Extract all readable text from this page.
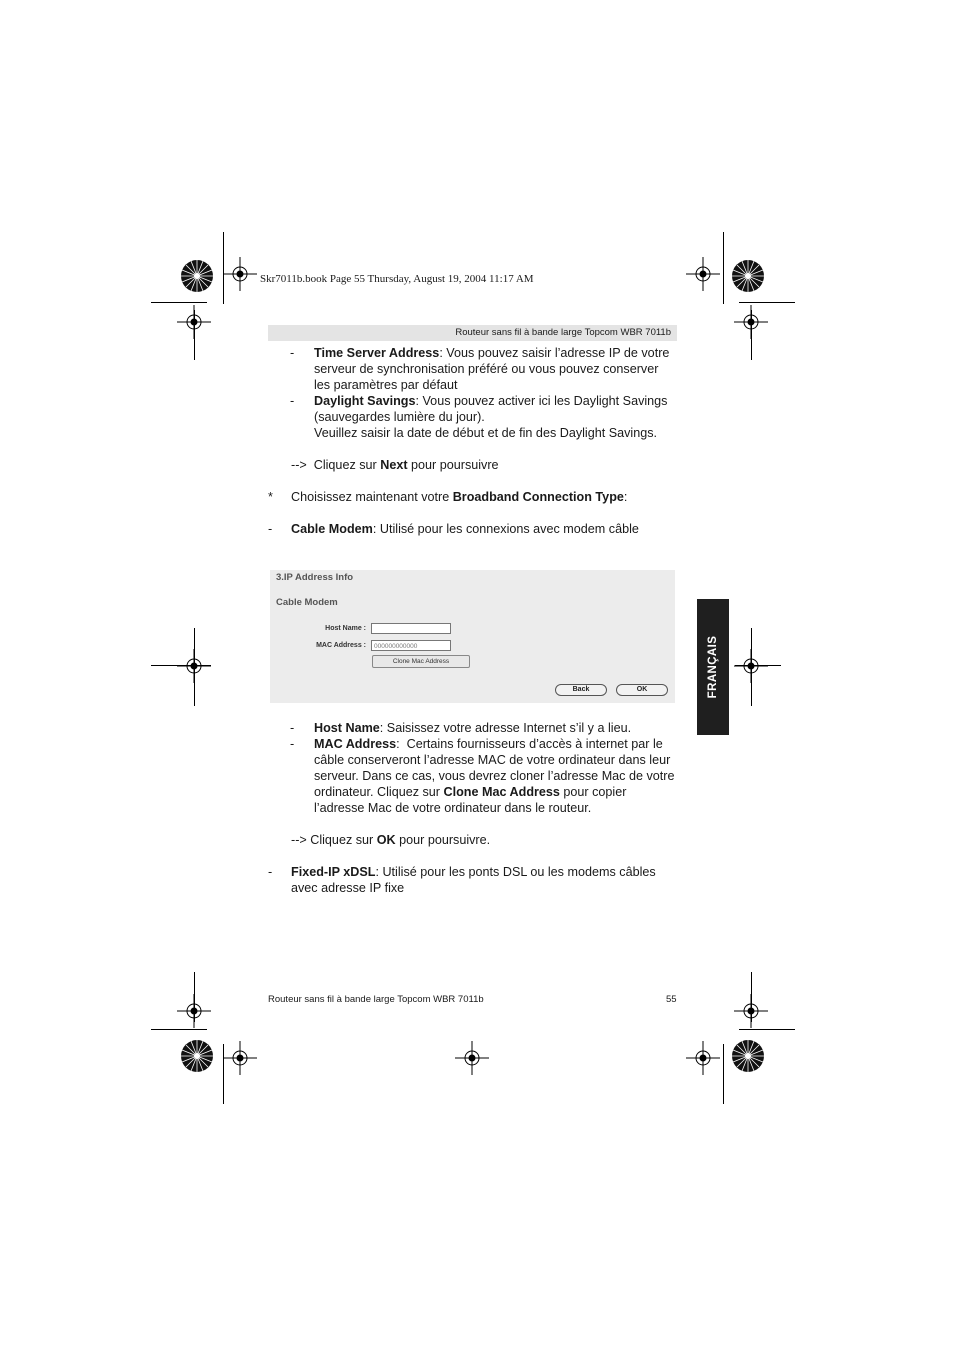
Skr7011b.book Page 55 Thursday, August 19, 2004 11:17 AM
Routeur sans fil à bande large Topcom WBR 7011b
FRANÇAIS
- Time Server Address: Vous pouvez saisir l’adresse IP de votre
serveur de synchronisation préféré ou vous pouvez conserver
les paramètres par défaut
- Daylight Savings: Vous pouvez activer ici les Daylight Savings
(sauvegardes lumière du jour).
Veuillez saisir la date de début et de fin des Daylight Savings.
-->  Cliquez sur Next pour poursuivre
* Choisissez maintenant votre Broadband Connection Type:
- Cable Modem: Utilisé pour les connexions avec modem câble
3.IP Address Info
Cable Modem
Host Name :
MAC Address :	000000000000
Clone Mac Address
Back	OK
- Host Name: Saisissez votre adresse Internet s’il y a lieu.
- MAC Address:  Certains fournisseurs d’accès à internet par le
câble conserveront l’adresse MAC de votre ordinateur dans leur
serveur. Dans ce cas, vous devrez cloner l’adresse Mac de votre
ordinateur. Cliquez sur Clone Mac Address pour copier
l’adresse Mac de votre ordinateur dans le routeur.
--> Cliquez sur OK pour poursuivre.
- Fixed-IP xDSL: Utilisé pour les ponts DSL ou les modems câbles
avec adresse IP fixe
Routeur sans fil à bande large Topcom WBR 7011b	55
